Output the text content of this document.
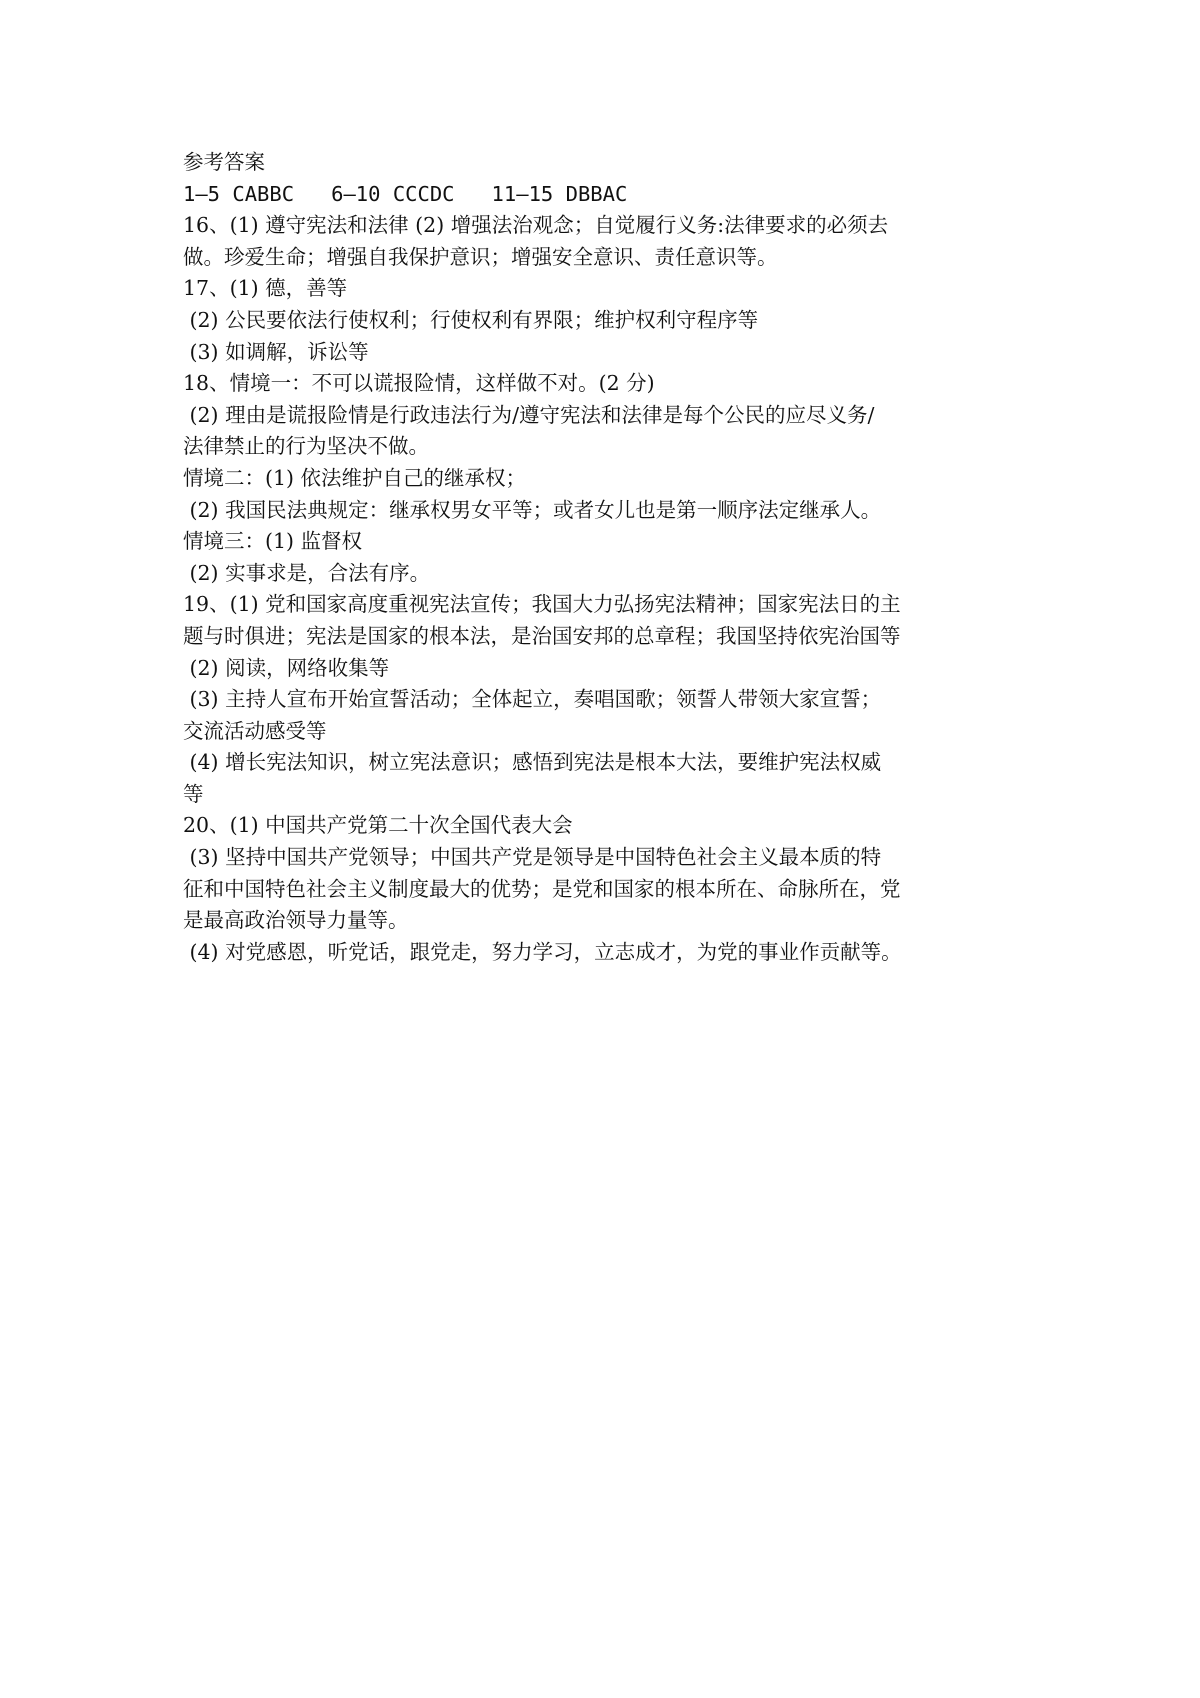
参考答案

1—5 CABBC   6—10 CCCDC   11—15 DBBAC

16、(1) 遵守宪法和法律 (2) 增强法治观念；自觉履行义务:法律要求的必须去

做。珍爱生命；增强自我保护意识；增强安全意识、责任意识等。

17、(1) 德，善等

(2) 公民要依法行使权利；行使权利有界限；维护权利守程序等

(3) 如调解，诉讼等

18、情境一：不可以谎报险情，这样做不对。(2 分)

(2) 理由是谎报险情是行政违法行为/遵守宪法和法律是每个公民的应尽义务/

法律禁止的行为坚决不做。

情境二：(1) 依法维护自己的继承权；

(2) 我国民法典规定：继承权男女平等；或者女儿也是第一顺序法定继承人。

情境三：(1) 监督权

(2) 实事求是，合法有序。

19、(1) 党和国家高度重视宪法宣传；我国大力弘扬宪法精神；国家宪法日的主

题与时俱进；宪法是国家的根本法，是治国安邦的总章程；我国坚持依宪治国等

(2) 阅读，网络收集等

(3) 主持人宣布开始宣誓活动；全体起立，奏唱国歌；领誓人带领大家宣誓；

交流活动感受等

(4) 增长宪法知识，树立宪法意识；感悟到宪法是根本大法，要维护宪法权威

等

20、(1) 中国共产党第二十次全国代表大会

(3) 坚持中国共产党领导；中国共产党是领导是中国特色社会主义最本质的特

征和中国特色社会主义制度最大的优势；是党和国家的根本所在、命脉所在，党

是最高政治领导力量等。

(4) 对党感恩，听党话，跟党走，努力学习，立志成才，为党的事业作贡献等。
